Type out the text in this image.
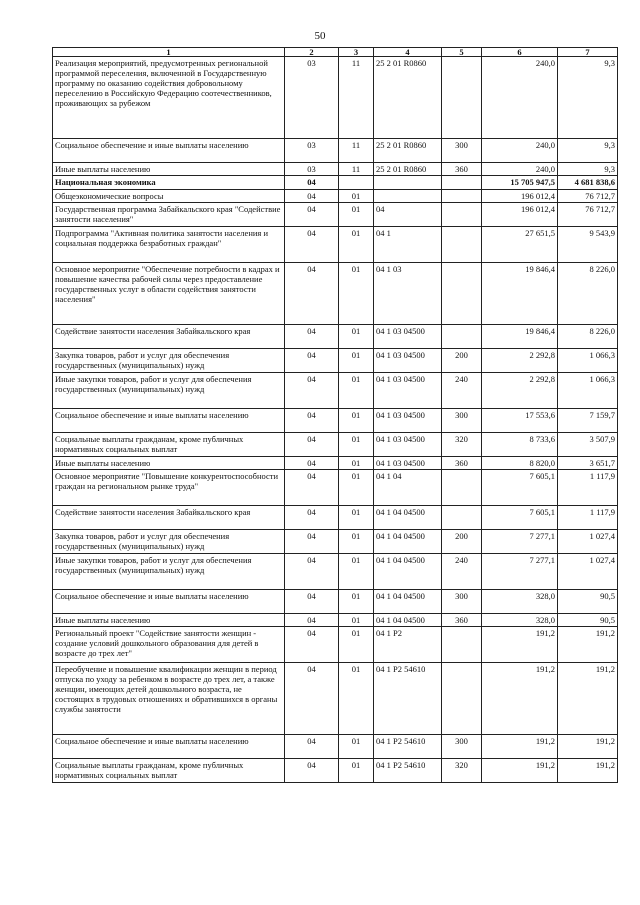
50
1	2	3	4	5	6	7
Реализация мероприятий, предусмотренных региональной программой переселения, включенной в Государственную программу по оказанию содействия добровольному переселению в Российскую Федерацию соотечественников, проживающих за рубежом	03	11	25 2 01 R0860		240,0	9,3
Социальное обеспечение и иные выплаты населению	03	11	25 2 01 R0860	300	240,0	9,3
Иные выплаты населению	03	11	25 2 01 R0860	360	240,0	9,3
Национальная экономика	04				15 705 947,5	4 681 838,6
Общеэкономические вопросы	04	01			196 012,4	76 712,7
Государственная программа Забайкальского края "Содействие занятости населения"	04	01	04		196 012,4	76 712,7
Подпрограмма "Активная политика занятости населения и социальная поддержка безработных граждан"	04	01	04 1		27 651,5	9 543,9
Основное мероприятие "Обеспечение потребности в кадрах и повышение качества рабочей силы через предоставление государственных услуг в области содействия занятости населения"	04	01	04 1 03		19 846,4	8 226,0
Содействие занятости населения Забайкальского края	04	01	04 1 03 04500		19 846,4	8 226,0
Закупка товаров, работ и услуг для обеспечения государственных (муниципальных) нужд	04	01	04 1 03 04500	200	2 292,8	1 066,3
Иные закупки товаров, работ и услуг для обеспечения государственных (муниципальных) нужд	04	01	04 1 03 04500	240	2 292,8	1 066,3
Социальное обеспечение и иные выплаты населению	04	01	04 1 03 04500	300	17 553,6	7 159,7
Социальные выплаты гражданам, кроме публичных нормативных социальных выплат	04	01	04 1 03 04500	320	8 733,6	3 507,9
Иные выплаты населению	04	01	04 1 03 04500	360	8 820,0	3 651,7
Основное мероприятие "Повышение конкурентоспособности граждан на региональном рынке труда"	04	01	04 1 04		7 605,1	1 117,9
Содействие занятости населения Забайкальского края	04	01	04 1 04 04500		7 605,1	1 117,9
Закупка товаров, работ и услуг для обеспечения государственных (муниципальных) нужд	04	01	04 1 04 04500	200	7 277,1	1 027,4
Иные закупки товаров, работ и услуг для обеспечения государственных (муниципальных) нужд	04	01	04 1 04 04500	240	7 277,1	1 027,4
Социальное обеспечение и иные выплаты населению	04	01	04 1 04 04500	300	328,0	90,5
Иные выплаты населению	04	01	04 1 04 04500	360	328,0	90,5
Региональный проект "Содействие занятости женщин - создание условий дошкольного образования для детей в возрасте до трех лет"	04	01	04 1 P2		191,2	191,2
Переобучение и повышение квалификации женщин в период отпуска по уходу за ребенком в возрасте до трех лет, а также женщин, имеющих детей дошкольного возраста, не состоящих в трудовых отношениях и обратившихся в органы службы занятости	04	01	04 1 P2 54610		191,2	191,2
Социальное обеспечение и иные выплаты населению	04	01	04 1 P2 54610	300	191,2	191,2
Социальные выплаты гражданам, кроме публичных нормативных социальных выплат	04	01	04 1 P2 54610	320	191,2	191,2
